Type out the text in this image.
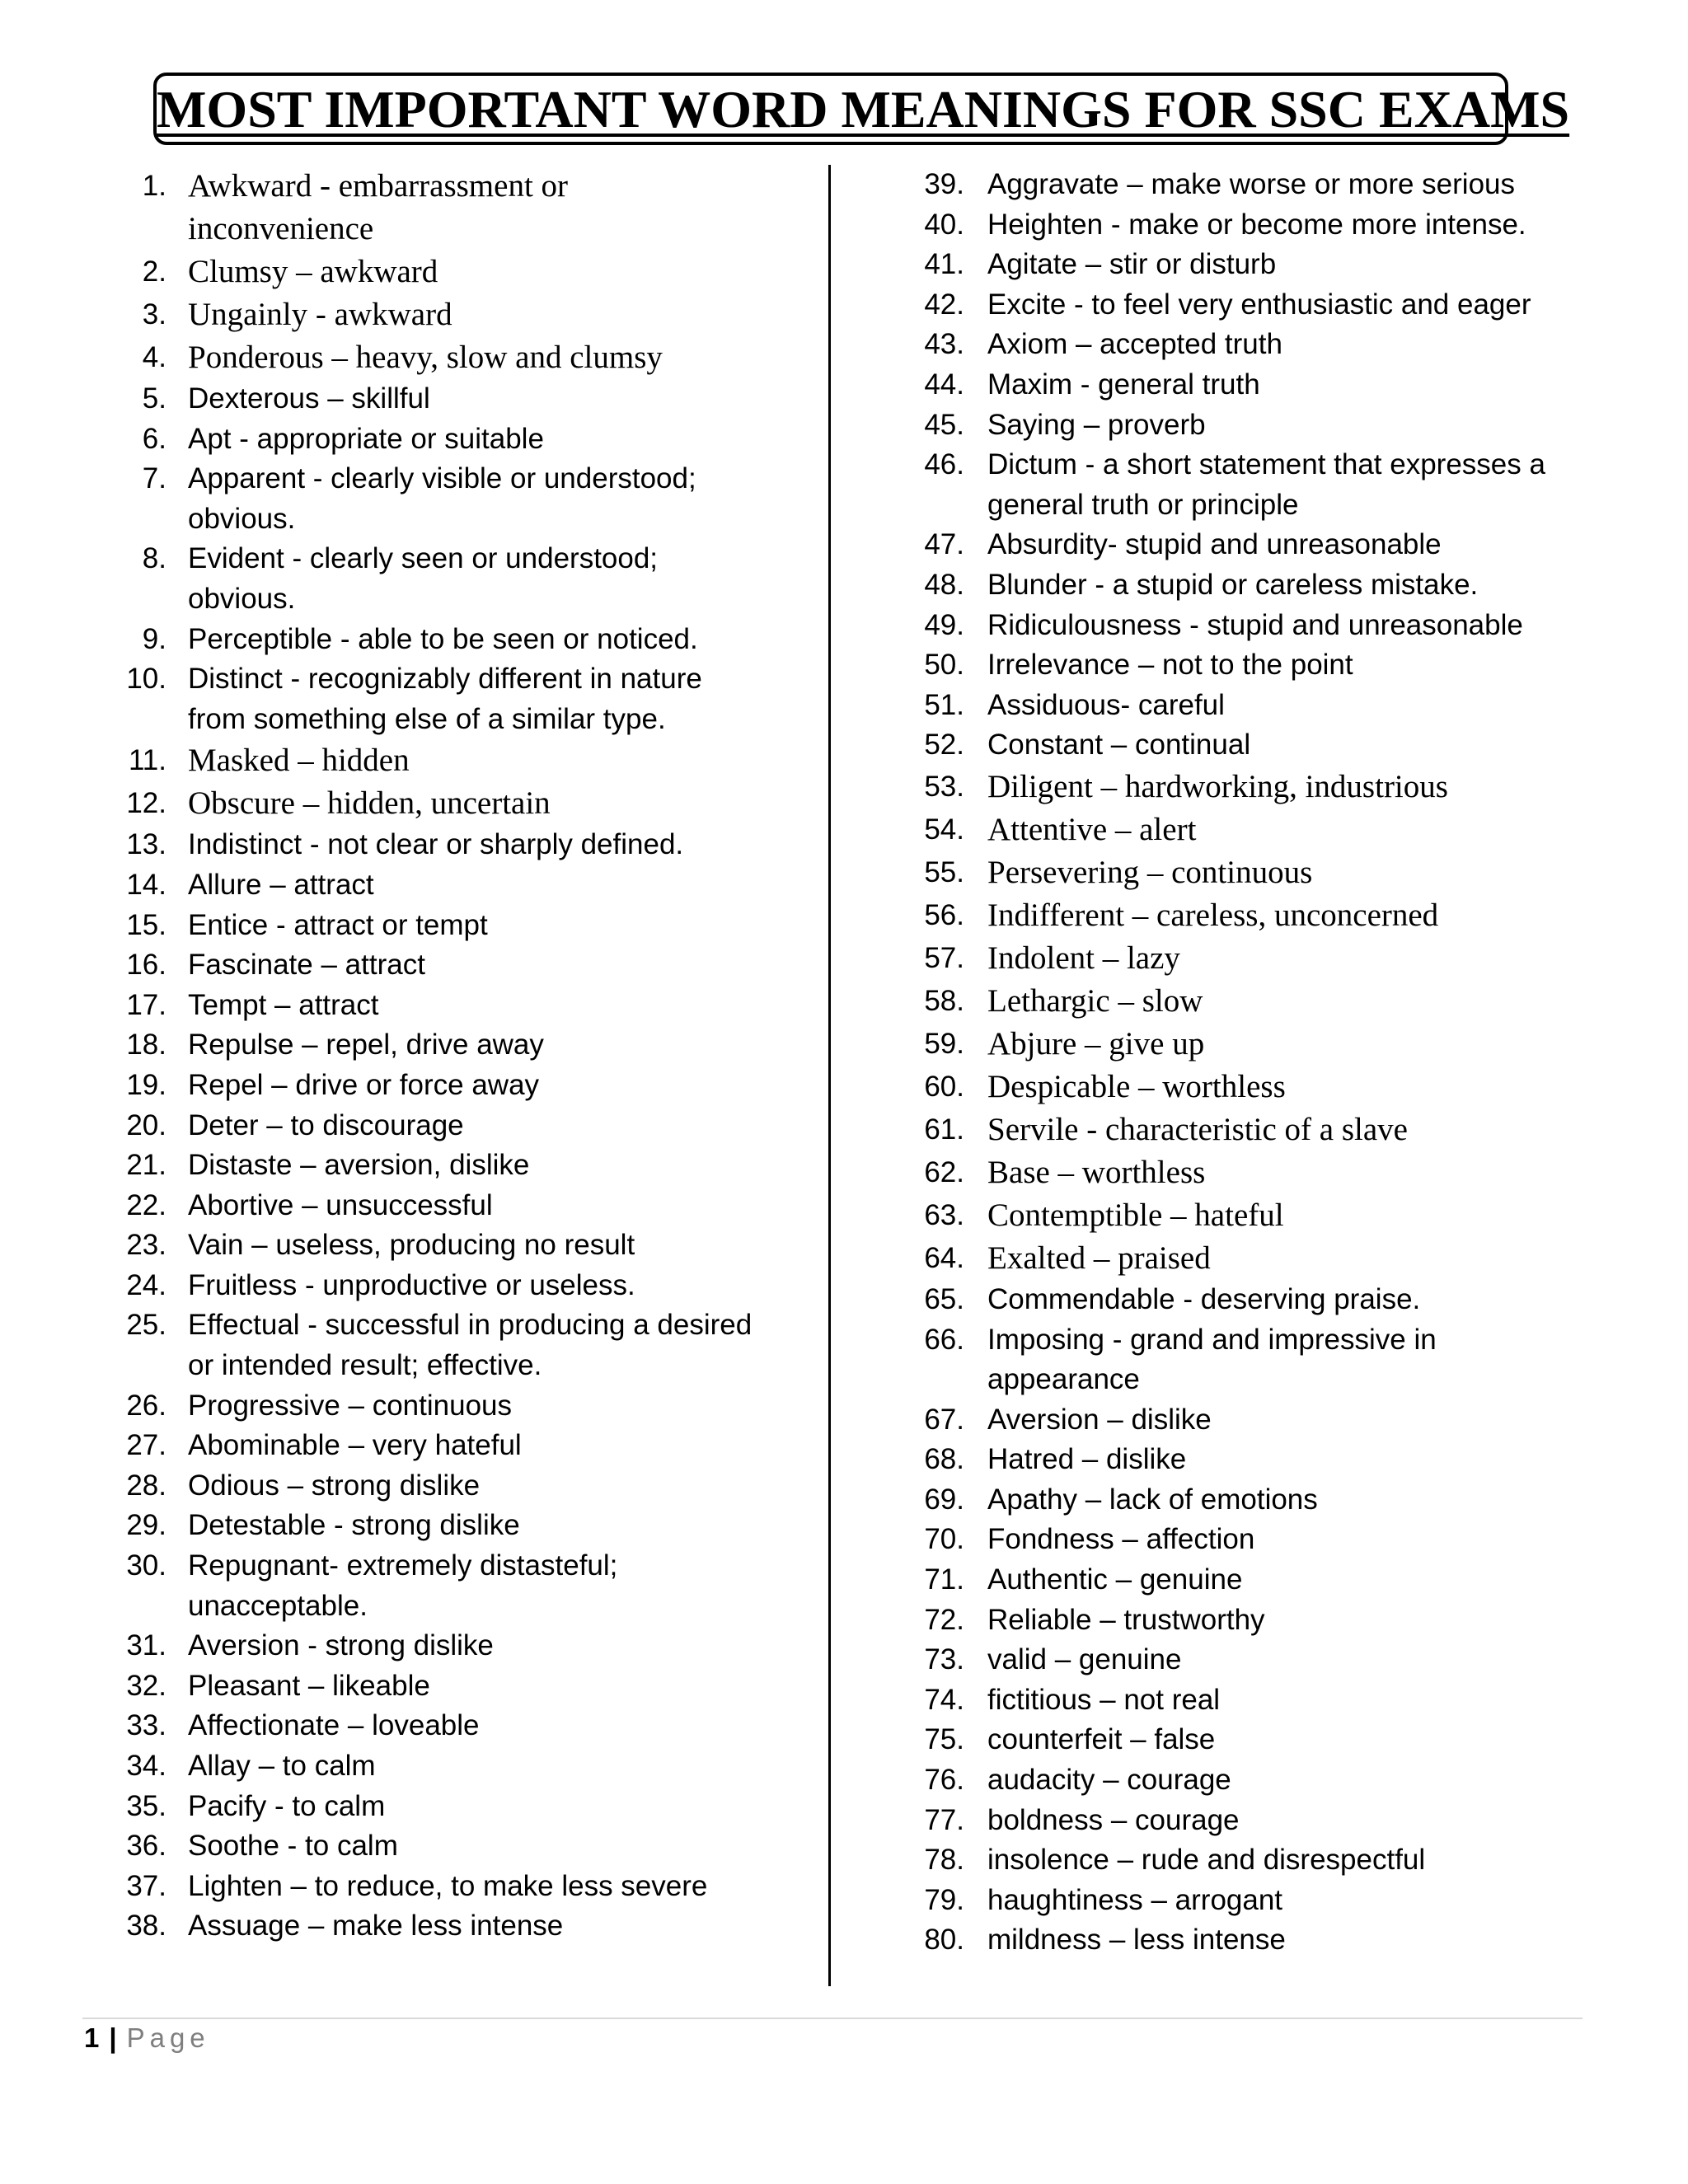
MOST IMPORTANT WORD MEANINGS FOR SSC EXAMS
1. Awkward - embarrassment or
inconvenience
2. Clumsy – awkward
3. Ungainly - awkward
4. Ponderous – heavy, slow and clumsy
5. Dexterous – skillful
6. Apt - appropriate or suitable
7. Apparent - clearly visible or understood;
obvious.
8. Evident - clearly seen or understood;
obvious.
9. Perceptible - able to be seen or noticed.
10. Distinct - recognizably different in nature
from something else of a similar type.
11. Masked – hidden
12. Obscure – hidden, uncertain
13. Indistinct - not clear or sharply defined.
14. Allure – attract
15. Entice - attract or tempt
16. Fascinate – attract
17. Tempt – attract
18. Repulse – repel, drive away
19. Repel – drive or force away
20. Deter – to discourage
21. Distaste – aversion, dislike
22. Abortive – unsuccessful
23. Vain – useless, producing no result
24. Fruitless - unproductive or useless.
25. Effectual - successful in producing a desired
or intended result; effective.
26. Progressive – continuous
27. Abominable – very hateful
28. Odious – strong dislike
29. Detestable - strong dislike
30. Repugnant- extremely distasteful;
unacceptable.
31. Aversion - strong dislike
32. Pleasant – likeable
33. Affectionate – loveable
34. Allay – to calm
35. Pacify - to calm
36. Soothe - to calm
37. Lighten – to reduce, to make less severe
38. Assuage – make less intense
39. Aggravate – make worse or more serious
40. Heighten - make or become more intense.
41. Agitate – stir or disturb
42. Excite - to feel very enthusiastic and eager
43. Axiom – accepted truth
44. Maxim - general truth
45. Saying – proverb
46. Dictum - a short statement that expresses a
general truth or principle
47. Absurdity- stupid and unreasonable
48. Blunder - a stupid or careless mistake.
49. Ridiculousness - stupid and unreasonable
50. Irrelevance – not to the point
51. Assiduous- careful
52. Constant – continual
53. Diligent – hardworking, industrious
54. Attentive – alert
55. Persevering – continuous
56. Indifferent – careless, unconcerned
57. Indolent – lazy
58. Lethargic – slow
59. Abjure – give up
60. Despicable – worthless
61. Servile - characteristic of a slave
62. Base – worthless
63. Contemptible – hateful
64. Exalted – praised
65. Commendable - deserving praise.
66. Imposing - grand and impressive in
appearance
67. Aversion – dislike
68. Hatred – dislike
69. Apathy – lack of emotions
70. Fondness – affection
71. Authentic – genuine
72. Reliable – trustworthy
73. valid – genuine
74. fictitious – not real
75. counterfeit – false
76. audacity – courage
77. boldness – courage
78. insolence – rude and disrespectful
79. haughtiness – arrogant
80. mildness – less intense
1 | Page
